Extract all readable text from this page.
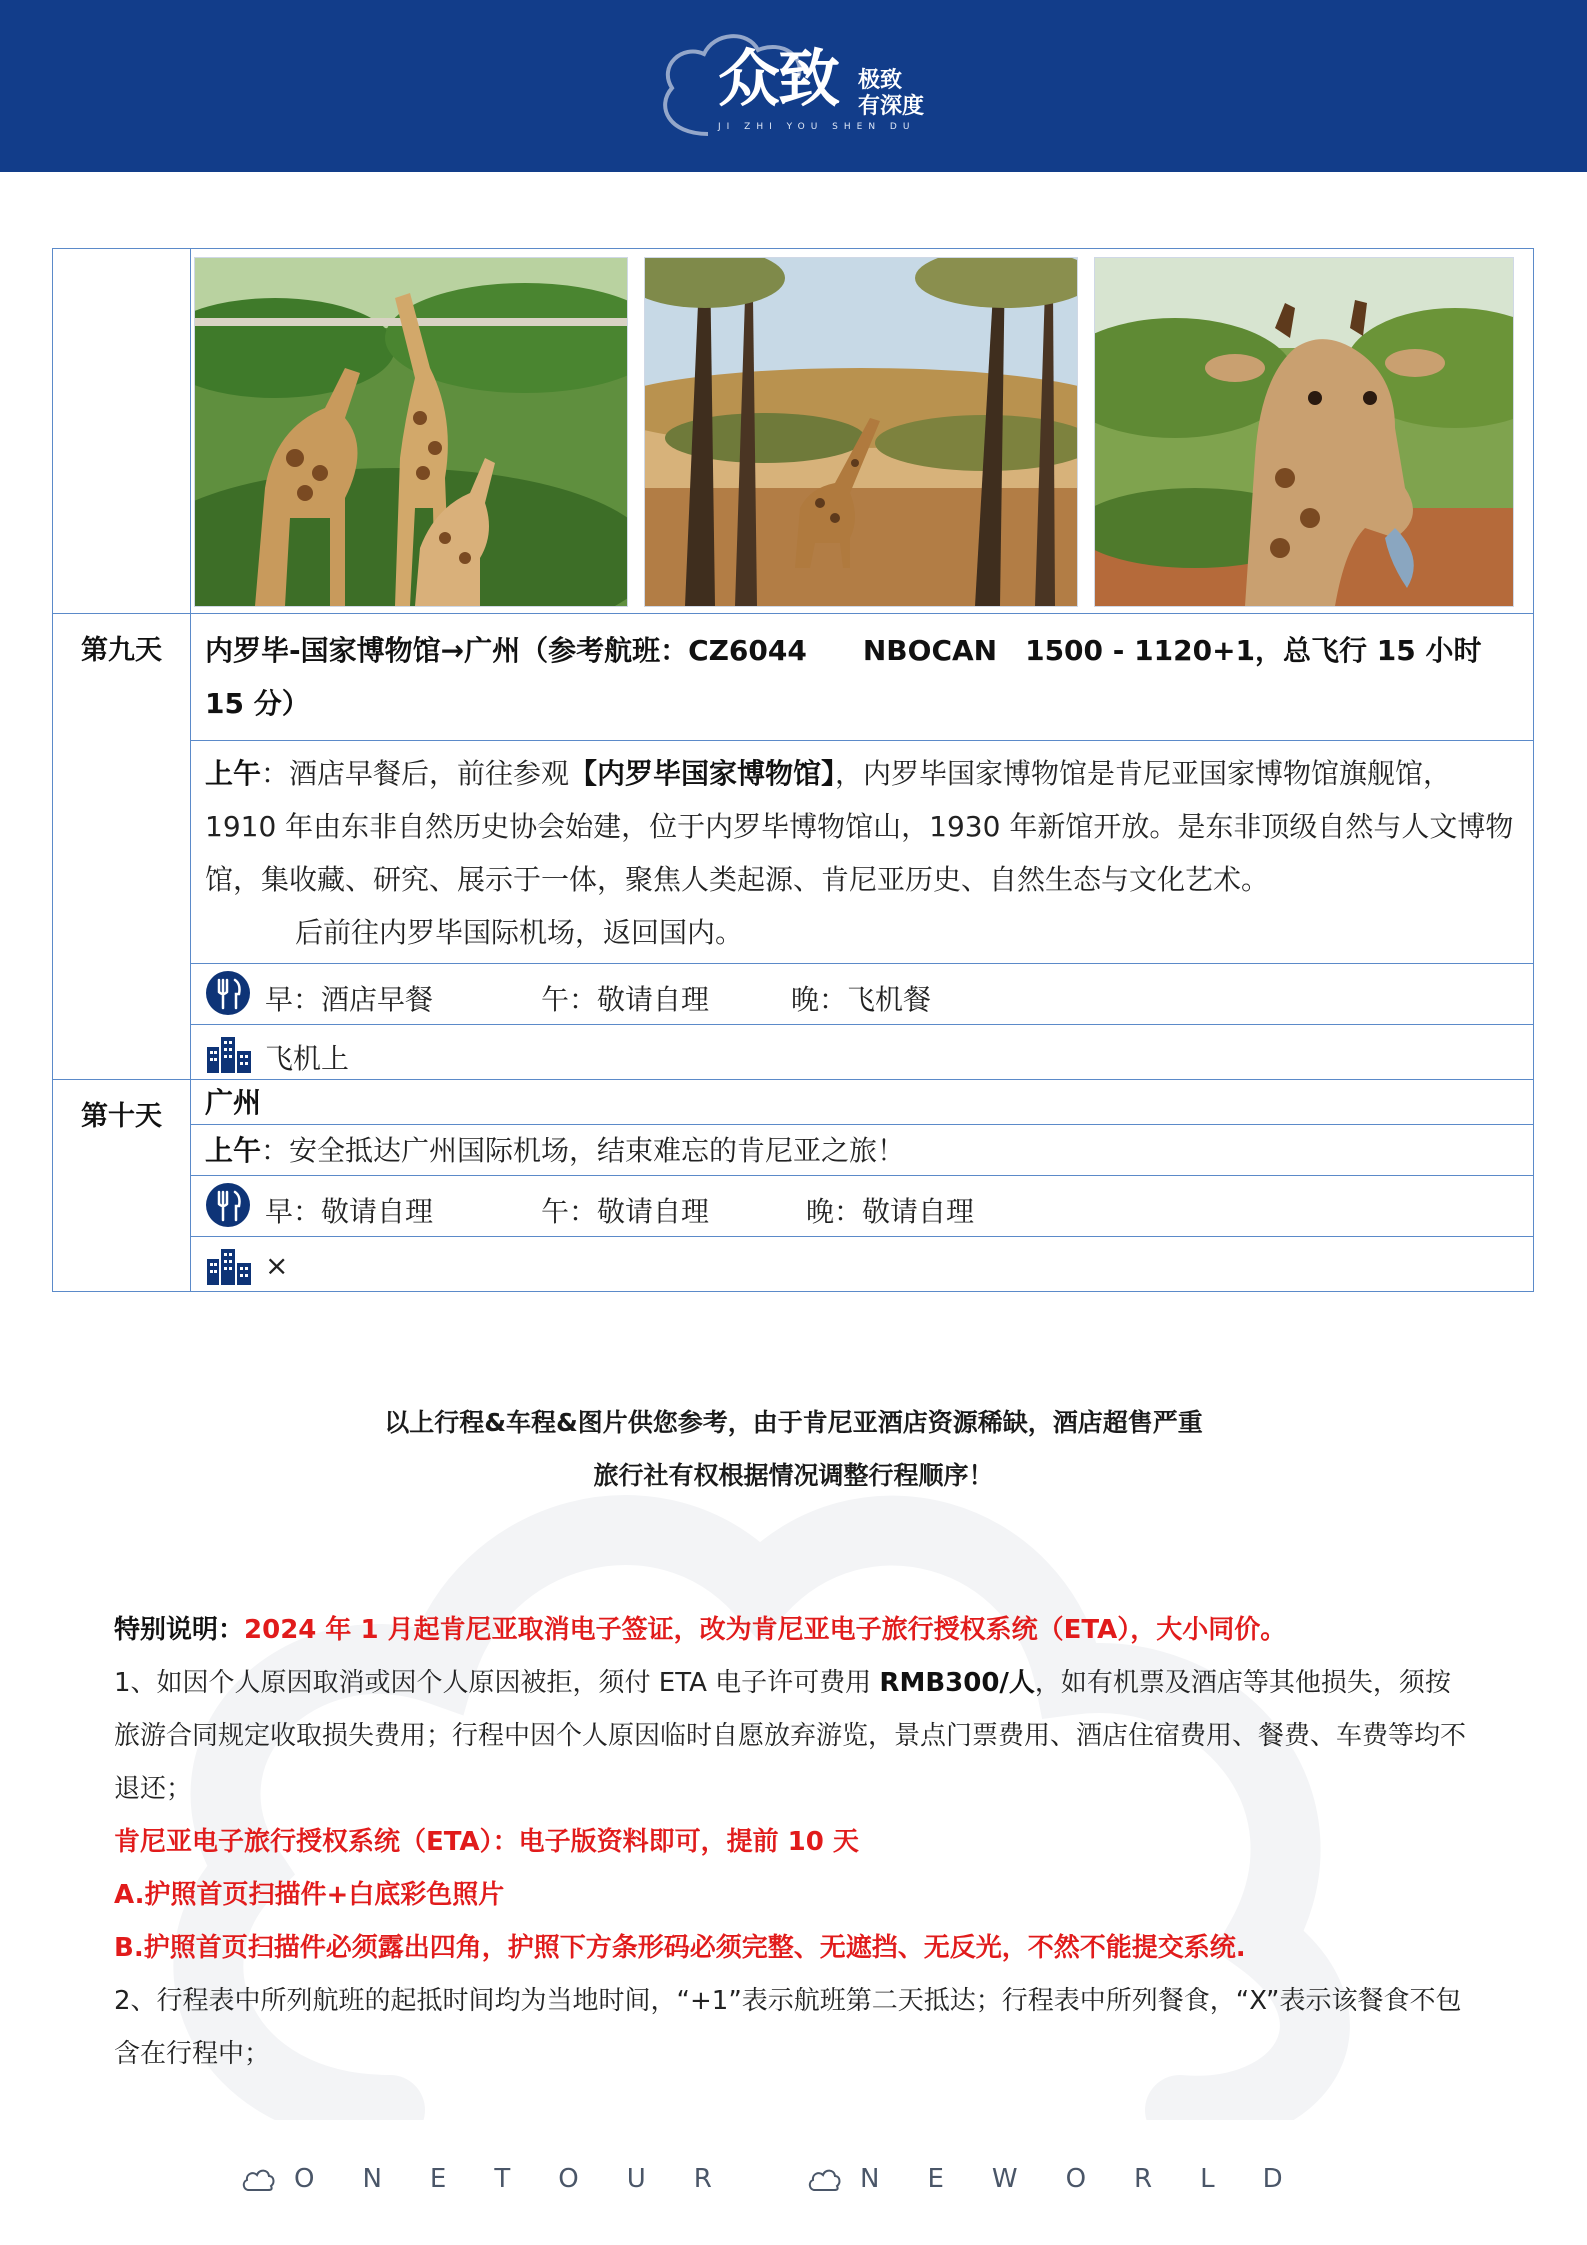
众致 极致
有深度
JI ZHI YOU SHEN DU

第九天	内罗毕-国家博物馆→广州（参考航班：CZ6044　　NBOCAN　1500 - 1120+1，总飞行 15 小时 15 分）

	上午：酒店早餐后，前往参观【内罗毕国家博物馆】，内罗毕国家博物馆是肯尼亚国家博物馆旗舰馆，1910 年由东非自然历史协会始建，位于内罗毕博物馆山，1930 年新馆开放。是东非顶级自然与人文博物馆，集收藏、研究、展示于一体，聚焦人类起源、肯尼亚历史、自然生态与文化艺术。
后前往内罗毕国际机场，返回国内。

	早：酒店早餐 午：敬请自理 晚：飞机餐

	飞机上

第十天	广州

	上午：安全抵达广州国际机场，结束难忘的肯尼亚之旅！

	早：敬请自理 午：敬请自理 晚：敬请自理

	×
以上行程&车程&图片供您参考，由于肯尼亚酒店资源稀缺，酒店超售严重
旅行社有权根据情况调整行程顺序！

特别说明：2024 年 1 月起肯尼亚取消电子签证，改为肯尼亚电子旅行授权系统（ETA），大小同价。

1、如因个人原因取消或因个人原因被拒，须付 ETA 电子许可费用 RMB300/人，如有机票及酒店等其他损失，须按旅游合同规定收取损失费用；行程中因个人原因临时自愿放弃游览，景点门票费用、酒店住宿费用、餐费、车费等均不退还；

肯尼亚电子旅行授权系统（ETA）：电子版资料即可，提前 10 天

A.护照首页扫描件+白底彩色照片

B.护照首页扫描件必须露出四角，护照下方条形码必须完整、无遮挡、无反光，不然不能提交系统.

2、行程表中所列航班的起抵时间均为当地时间，“+1”表示航班第二天抵达；行程表中所列餐食，“X”表示该餐食不包含在行程中；

ONETOUR	NEWORLD
